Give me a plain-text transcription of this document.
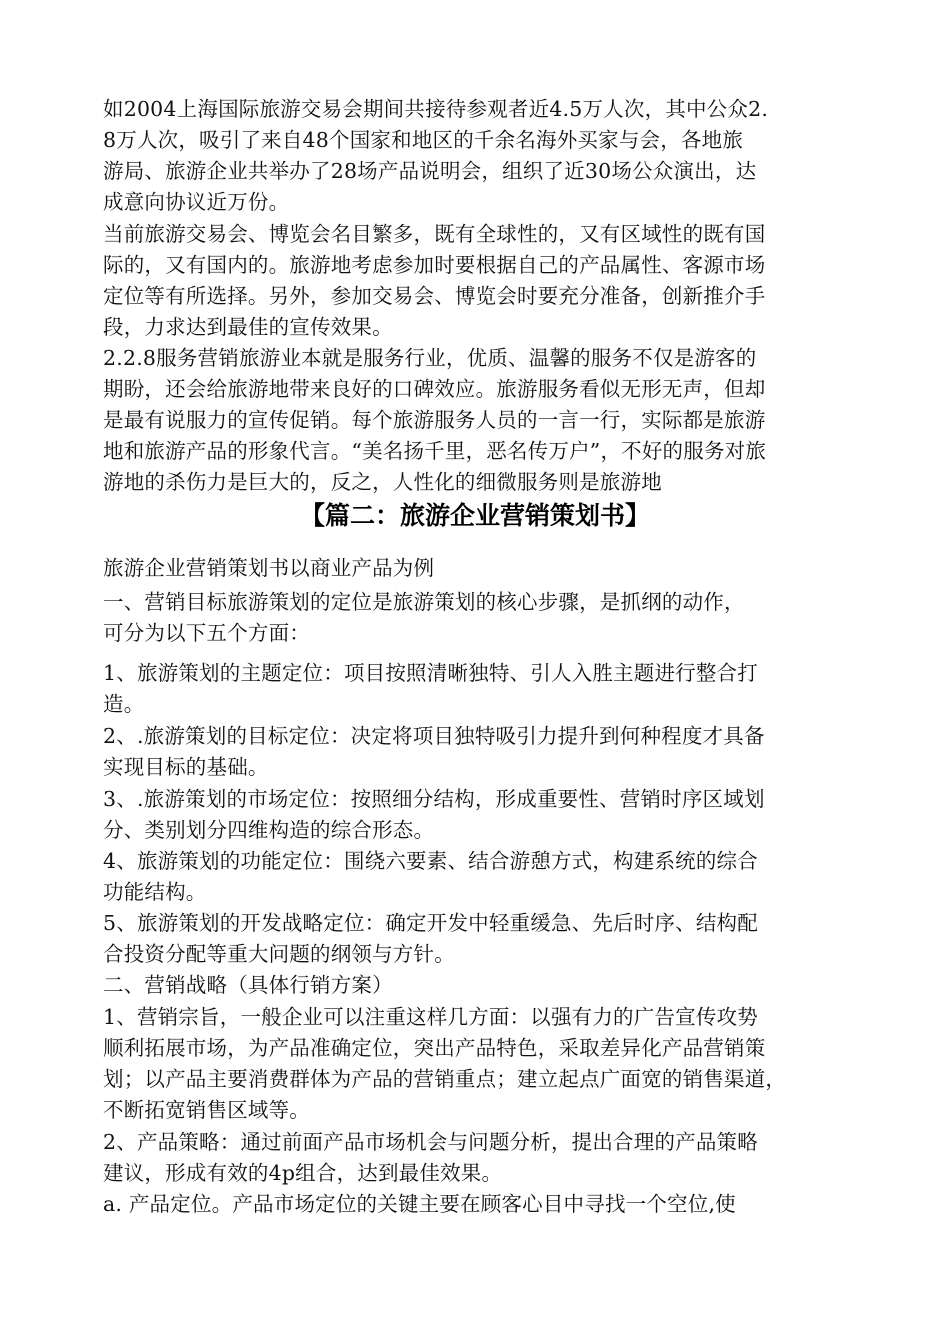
如2004上海国际旅游交易会期间共接待参观者近4.5万人次，其中公众2.
8万人次，吸引了来自48个国家和地区的千余名海外买家与会，各地旅
游局、旅游企业共举办了28场产品说明会，组织了近30场公众演出，达
成意向协议近万份。
当前旅游交易会、博览会名目繁多，既有全球性的，又有区域性的既有国
际的，又有国内的。旅游地考虑参加时要根据自己的产品属性、客源市场
定位等有所选择。另外，参加交易会、博览会时要充分准备，创新推介手
段，力求达到最佳的宣传效果。
2.2.8服务营销旅游业本就是服务行业，优质、温馨的服务不仅是游客的
期盼，还会给旅游地带来良好的口碑效应。旅游服务看似无形无声，但却
是最有说服力的宣传促销。每个旅游服务人员的一言一行，实际都是旅游
地和旅游产品的形象代言。“美名扬千里，恶名传万户”，不好的服务对旅
游地的杀伤力是巨大的，反之，人性化的细微服务则是旅游地
【篇二：旅游企业营销策划书】
旅游企业营销策划书以商业产品为例
一、营销目标旅游策划的定位是旅游策划的核心步骤，是抓纲的动作，
可分为以下五个方面：
1、旅游策划的主题定位：项目按照清晰独特、引人入胜主题进行整合打
造。
2、.旅游策划的目标定位：决定将项目独特吸引力提升到何种程度才具备
实现目标的基础。
3、.旅游策划的市场定位：按照细分结构，形成重要性、营销时序区域划
分、类别划分四维构造的综合形态。
4、旅游策划的功能定位：围绕六要素、结合游憩方式，构建系统的综合
功能结构。
5、旅游策划的开发战略定位：确定开发中轻重缓急、先后时序、结构配
合投资分配等重大问题的纲领与方针。
二、营销战略（具体行销方案）
1、营销宗旨，一般企业可以注重这样几方面：以强有力的广告宣传攻势
顺利拓展市场，为产品准确定位，突出产品特色，采取差异化产品营销策
划；以产品主要消费群体为产品的营销重点；建立起点广面宽的销售渠道，
不断拓宽销售区域等。
2、产品策略：通过前面产品市场机会与问题分析，提出合理的产品策略
建议，形成有效的4p组合，达到最佳效果。
a. 产品定位。产品市场定位的关键主要在顾客心目中寻找一个空位,使
